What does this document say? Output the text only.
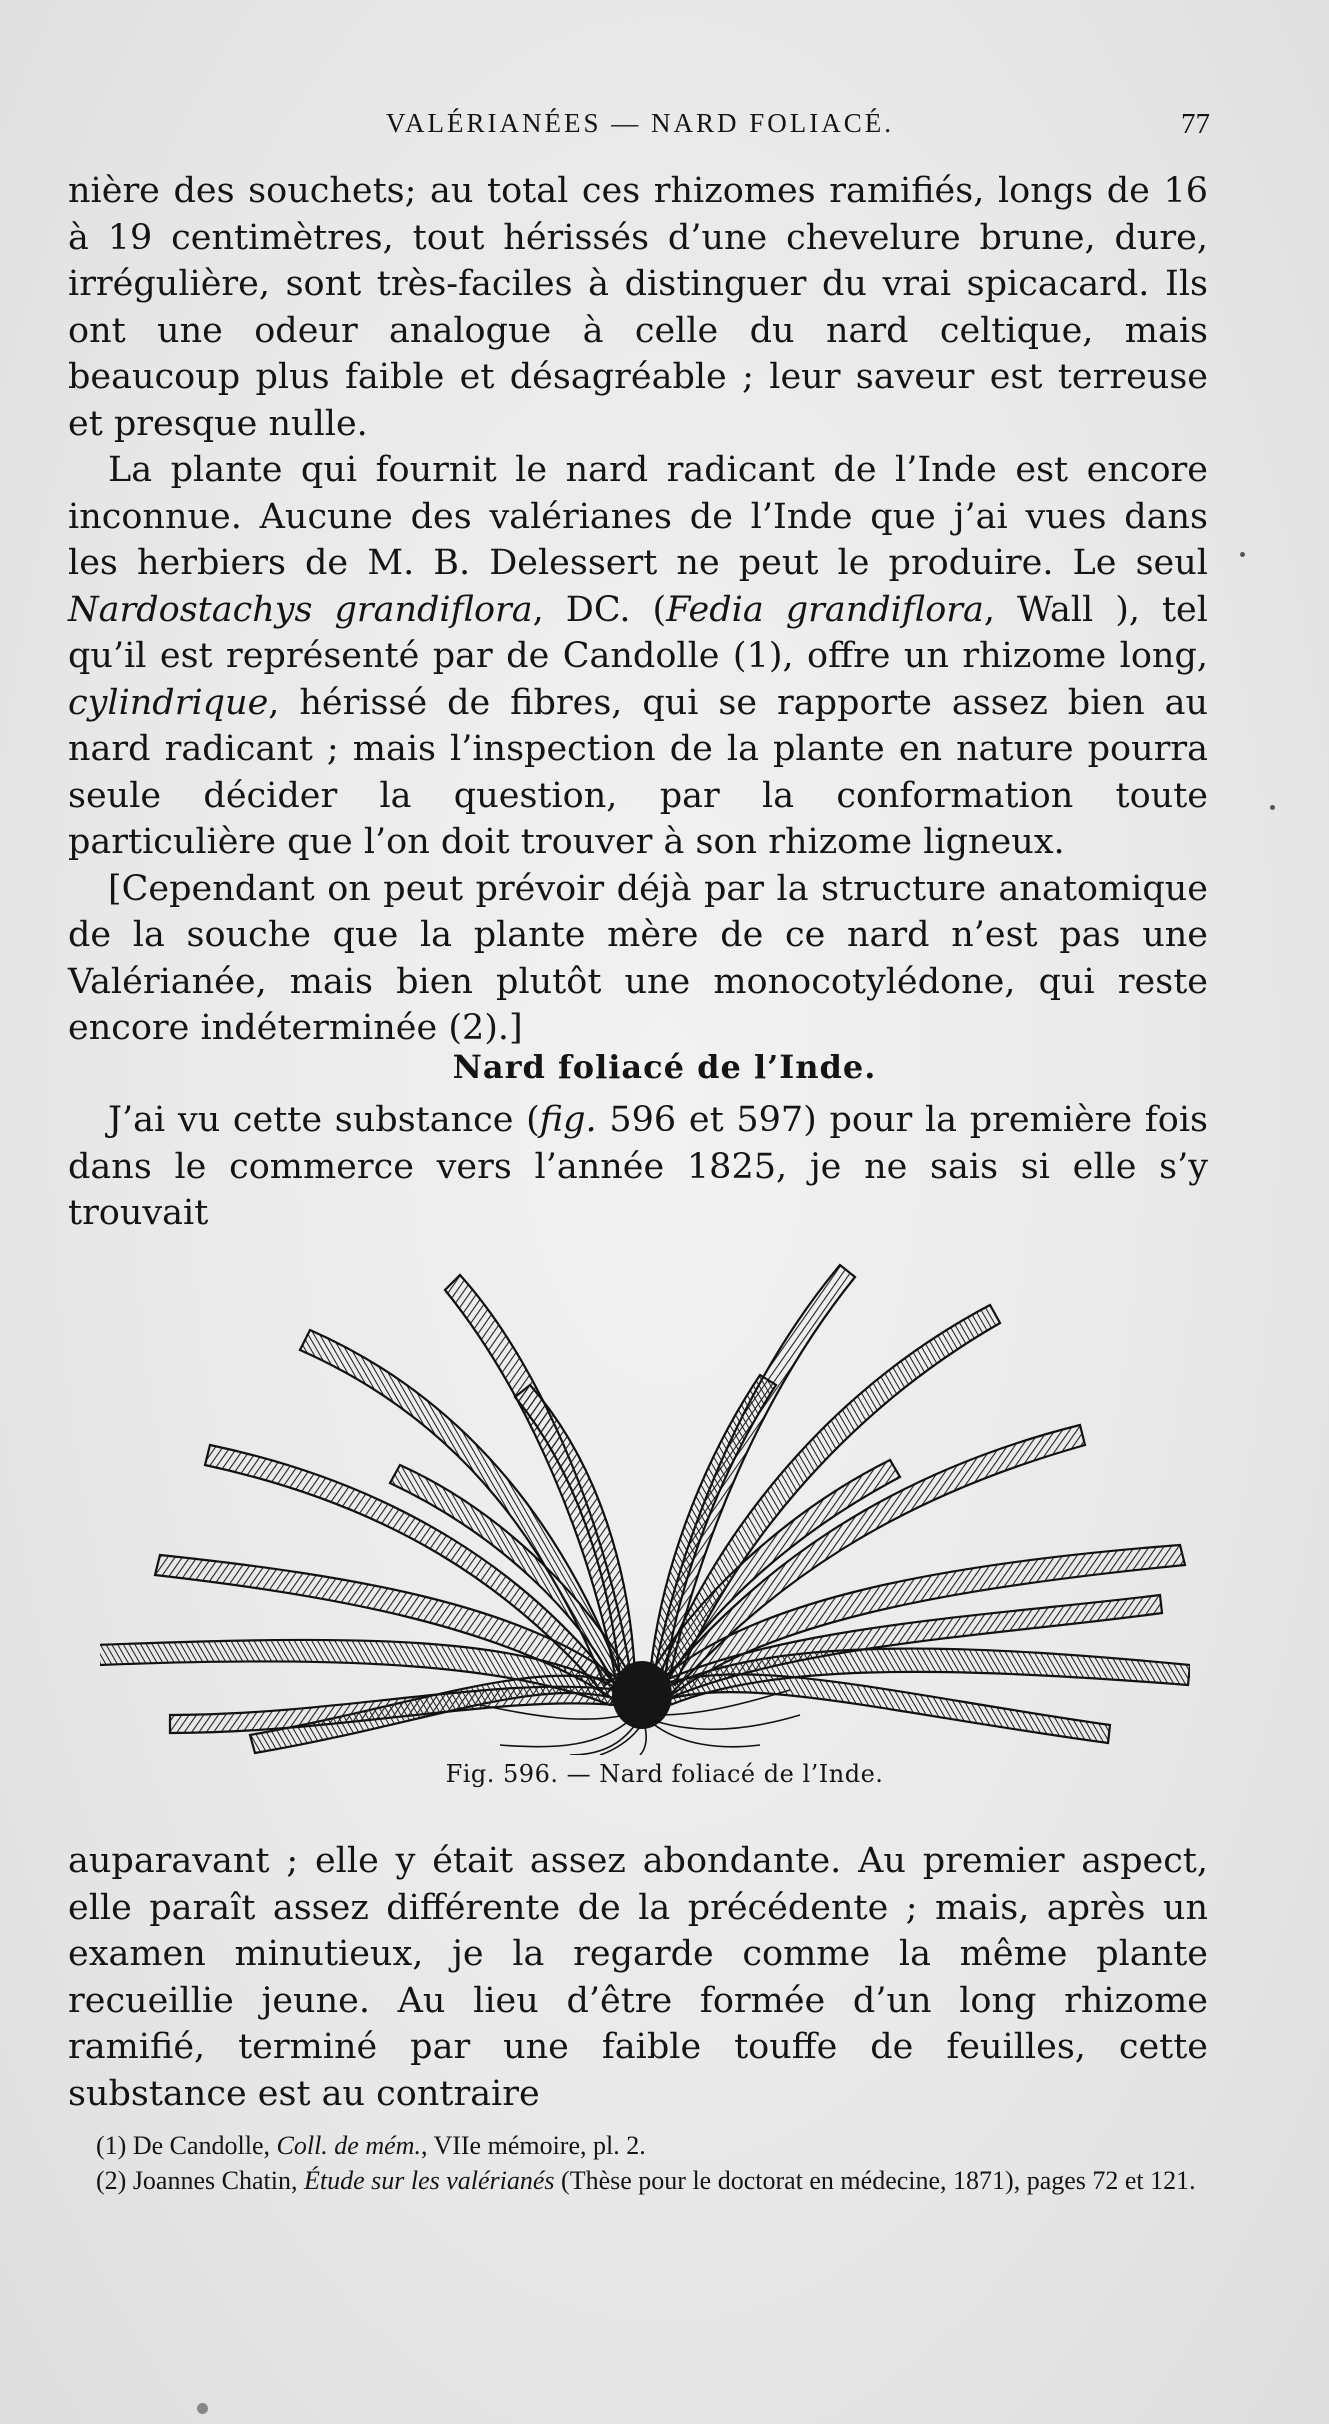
VALÉRIANÉES — NARD FOLIACÉ.	77

nière des souchets; au total ces rhizomes ramifiés, longs de 16 à 19 centimètres, tout hérissés d’une chevelure brune, dure, irrégulière, sont très-faciles à distinguer du vrai spicacard. Ils ont une odeur analogue à celle du nard celtique, mais beaucoup plus faible et désagréable ; leur saveur est terreuse et presque nulle.

La plante qui fournit le nard radicant de l’Inde est encore inconnue. Aucune des valérianes de l’Inde que j’ai vues dans les herbiers de M. B. Delessert ne peut le produire. Le seul Nardostachys grandiflora, DC. (Fedia grandiflora, Wall ), tel qu’il est représenté par de Candolle (1), offre un rhizome long, cylindrique, hérissé de fibres, qui se rapporte assez bien au nard radicant ; mais l’inspection de la plante en nature pourra seule décider la question, par la conformation toute particulière que l’on doit trouver à son rhizome ligneux.

[Cependant on peut prévoir déjà par la structure anatomique de la souche que la plante mère de ce nard n’est pas une Valérianée, mais bien plutôt une monocotylédone, qui reste encore indéterminée (2).]

Nard foliacé de l’Inde.

J’ai vu cette substance (fig. 596 et 597) pour la première fois dans le commerce vers l’année 1825, je ne sais si elle s’y trouvait

Fig. 596. — Nard foliacé de l’Inde.

auparavant ; elle y était assez abondante. Au premier aspect, elle paraît assez différente de la précédente ; mais, après un examen minutieux, je la regarde comme la même plante recueillie jeune. Au lieu d’être formée d’un long rhizome ramifié, terminé par une faible touffe de feuilles, cette substance est au contraire

(1) De Candolle, Coll. de mém., VIIe mémoire, pl. 2.

(2) Joannes Chatin, Étude sur les valérianés (Thèse pour le doctorat en médecine, 1871), pages 72 et 121.
